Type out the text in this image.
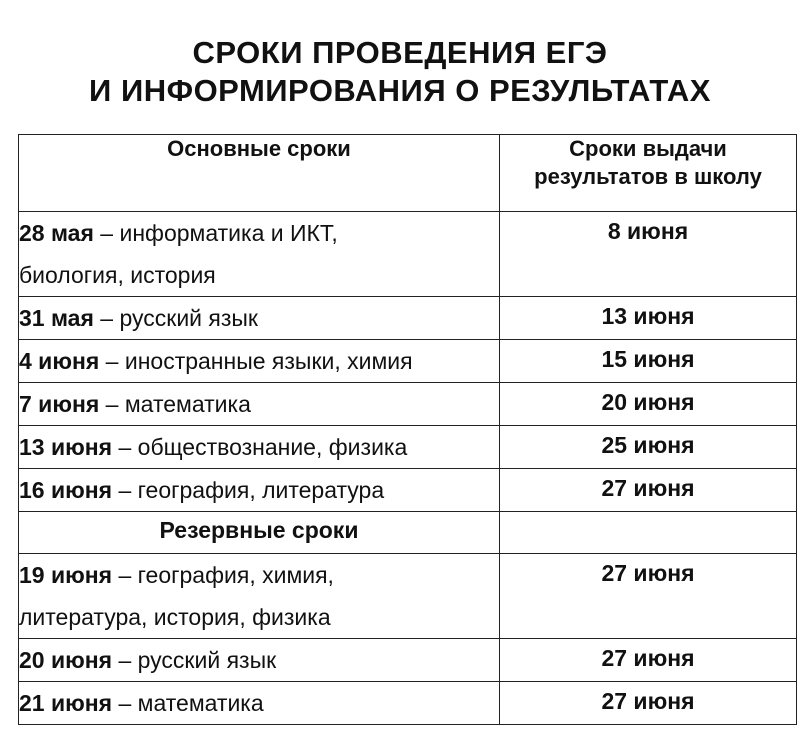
СРОКИ ПРОВЕДЕНИЯ ЕГЭ
И ИНФОРМИРОВАНИЯ О РЕЗУЛЬТАТАХ
Основные сроки	Сроки выдачи
результатов в школу

28 мая – информатика и ИКТ,
биология, история	8 июня
31 мая – русский язык	13 июня
4 июня – иностранные языки, химия	15 июня
7 июня – математика	20 июня
13 июня – обществознание, физика	25 июня
16 июня – география, литература	27 июня
Резервные сроки	

19 июня – география, химия,
литература, история, физика	27 июня
20 июня – русский язык	27 июня
21 июня – математика	27 июня
